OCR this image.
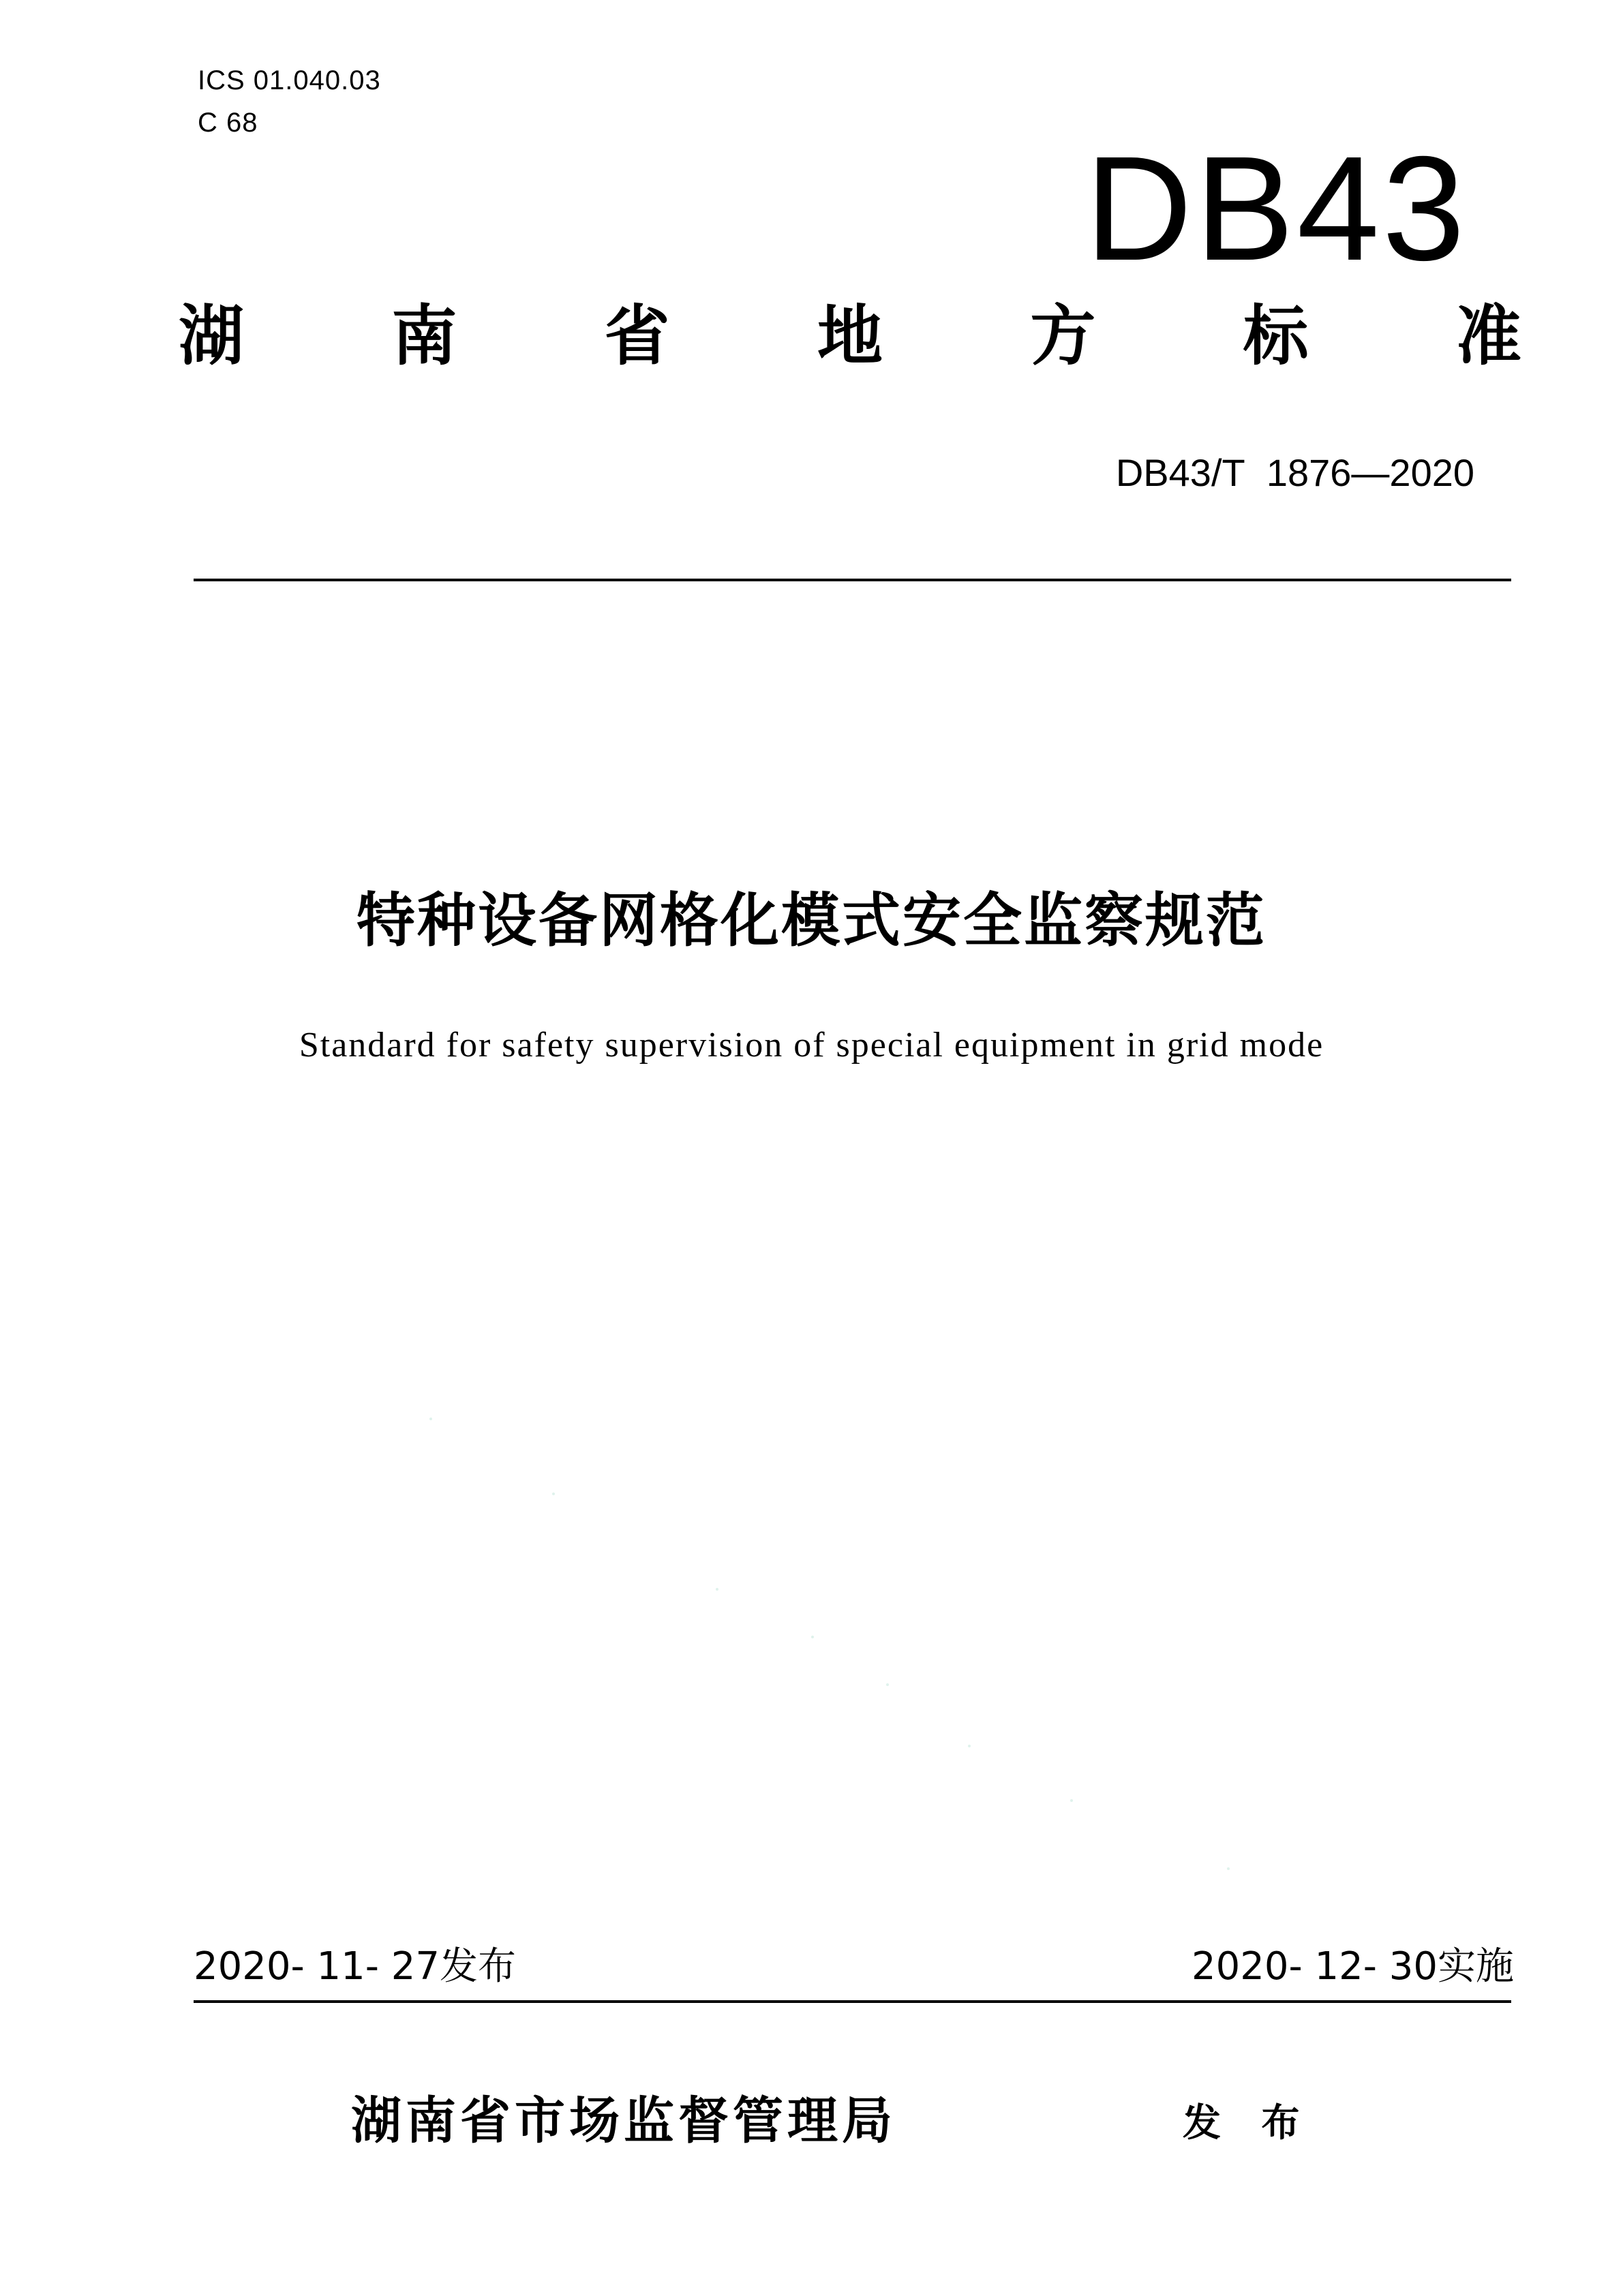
ICS 01.040.03
C 68
DB43
湖 南 省 地 方 标 准
DB43/T 1876—2020
特种设备网格化模式安全监察规范
Standard for safety supervision of special equipment in grid mode
2020- 11- 27发布	2020- 12- 30实施
湖南省市场监督管理局	发 布
